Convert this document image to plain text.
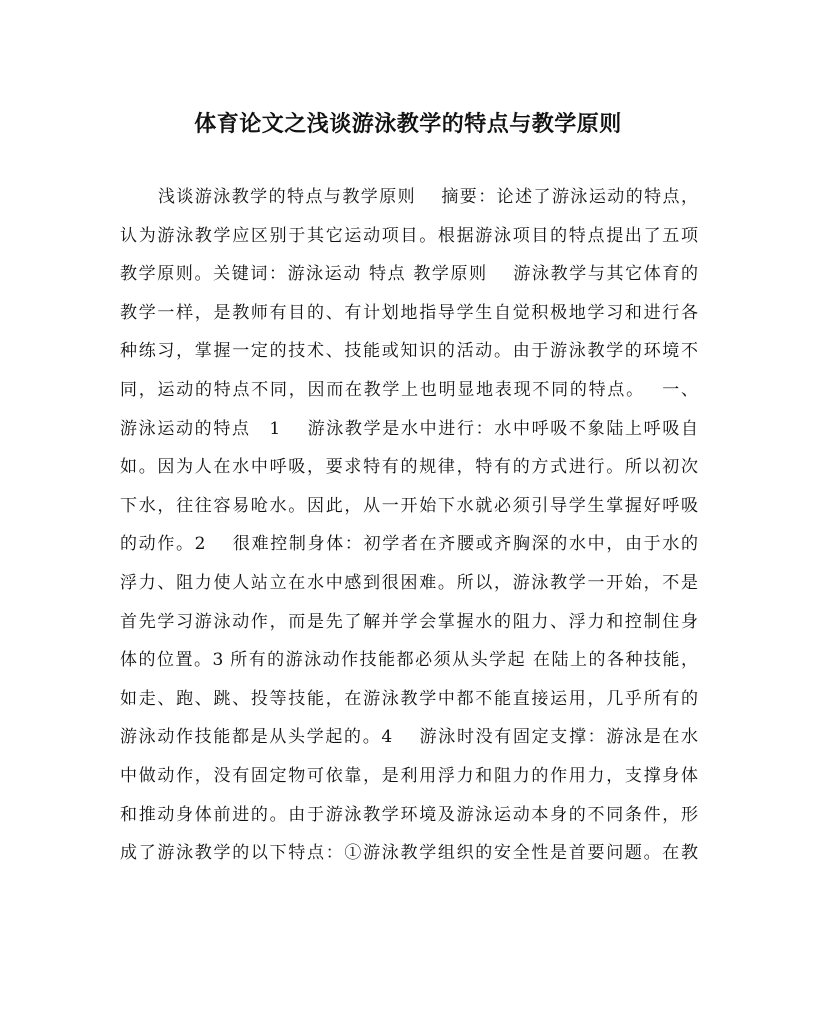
体育论文之浅谈游泳教学的特点与教学原则
浅谈游泳教学的特点与教学原则　 摘要：论述了游泳运动的特点，
认为游泳教学应区别于其它运动项目。根据游泳项目的特点提出了五项
教学原则。关键词：游泳运动 特点 教学原则　 游泳教学与其它体育的
教学一样，是教师有目的、有计划地指导学生自觉积极地学习和进行各
种练习，掌握一定的技术、技能或知识的活动。由于游泳教学的环境不
同，运动的特点不同，因而在教学上也明显地表现不同的特点。　 一、
游泳运动的特点　1　 游泳教学是水中进行：水中呼吸不象陆上呼吸自
如。因为人在水中呼吸，要求特有的规律，特有的方式进行。所以初次
下水，往往容易呛水。因此，从一开始下水就必须引导学生掌握好呼吸
的动作。2　 很难控制身体：初学者在齐腰或齐胸深的水中，由于水的
浮力、阻力使人站立在水中感到很困难。所以，游泳教学一开始，不是
首先学习游泳动作，而是先了解并学会掌握水的阻力、浮力和控制住身
体的位置。3 所有的游泳动作技能都必须从头学起 在陆上的各种技能，
如走、跑、跳、投等技能，在游泳教学中都不能直接运用，几乎所有的
游泳动作技能都是从头学起的。4　 游泳时没有固定支撑：游泳是在水
中做动作，没有固定物可依靠，是利用浮力和阻力的作用力，支撑身体
和推动身体前进的。由于游泳教学环境及游泳运动本身的不同条件，形
成了游泳教学的以下特点：①游泳教学组织的安全性是首要问题。在教
